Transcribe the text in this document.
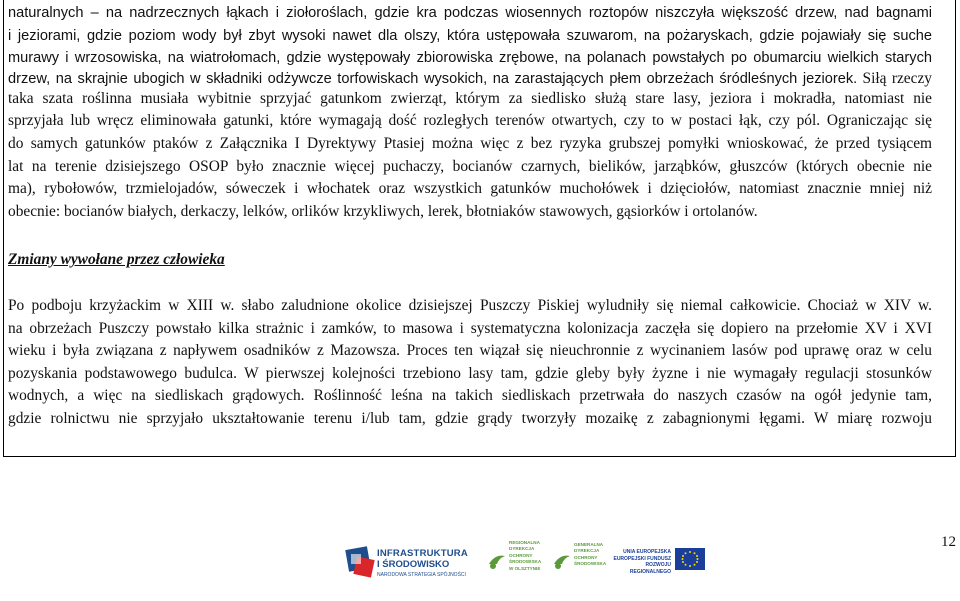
naturalnych – na nadrzecznych łąkach i ziołoroślach, gdzie kra podczas wiosennych roztopów niszczyła większość drzew, nad bagnami
i jeziorami, gdzie poziom wody był zbyt wysoki nawet dla olszy, która ustępowała szuwarom, na pożaryskach, gdzie pojawiały się suche
murawy i wrzosowiska, na wiatrołomach, gdzie występowały zbiorowiska zrębowe, na polanach powstałych po obumarciu wielkich starych
drzew, na skrajnie ubogich w składniki odżywcze torfowiskach wysokich, na zarastających płem obrzeżach śródleśnych jeziorek. Siłą rzeczy
taka szata roślinna musiała wybitnie sprzyjać gatunkom zwierząt, którym za siedlisko służą stare lasy, jeziora i mokradła, natomiast nie
sprzyjała lub wręcz eliminowała gatunki, które wymagają dość rozległych terenów otwartych, czy to w postaci łąk, czy pól. Ograniczając się
do samych gatunków ptaków z Załącznika I Dyrektywy Ptasiej można więc z bez ryzyka grubszej pomyłki wnioskować, że przed tysiącem
lat na terenie dzisiejszego OSOP było znacznie więcej puchaczy, bocianów czarnych, bielików, jarząbków, głuszców (których obecnie nie
ma), rybołowów, trzmielojadów, sóweczek i włochatek oraz wszystkich gatunków muchołówek i dzięciołów, natomiast znacznie mniej niż
obecnie: bocianów białych, derkaczy, lelków, orlików krzykliwych, lerek, błotniaków stawowych, gąsiorków i ortolanów.
Zmiany wywołane przez człowieka
Po podboju krzyżackim w XIII w. słabo zaludnione okolice dzisiejszej Puszczy Piskiej wyludniły się niemal całkowicie. Chociaż w XIV w.
na obrzeżach Puszczy powstało kilka strażnic i zamków, to masowa i systematyczna kolonizacja zaczęła się dopiero na przełomie XV i XVI
wieku i była związana z napływem osadników z Mazowsza. Proces ten wiązał się nieuchronnie z wycinaniem lasów pod uprawę oraz w celu
pozyskania podstawowego budulca. W pierwszej kolejności trzebiono lasy tam, gdzie gleby były żyzne i nie wymagały regulacji stosunków
wodnych, a więc na siedliskach grądowych. Roślinność leśna na takich siedliskach przetrwała do naszych czasów na ogół jedynie tam,
gdzie rolnictwu nie sprzyjało ukształtowanie terenu i/lub tam, gdzie grądy tworzyły mozaikę z zabagnionymi łęgami. W miarę rozwoju
INFRASTRUKTURA
I ŚRODOWISKO
NARODOWA STRATEGIA SPÓJNOŚCI
REGIONALNA
DYREKCJA
OCHRONY
ŚRODOWISKA
W OLSZTYNIE
GENERALNA
DYREKCJA
OCHRONY
ŚRODOWISKA
UNIA EUROPEJSKA
EUROPEJSKI FUNDUSZ
ROZWOJU REGIONALNEGO
12
